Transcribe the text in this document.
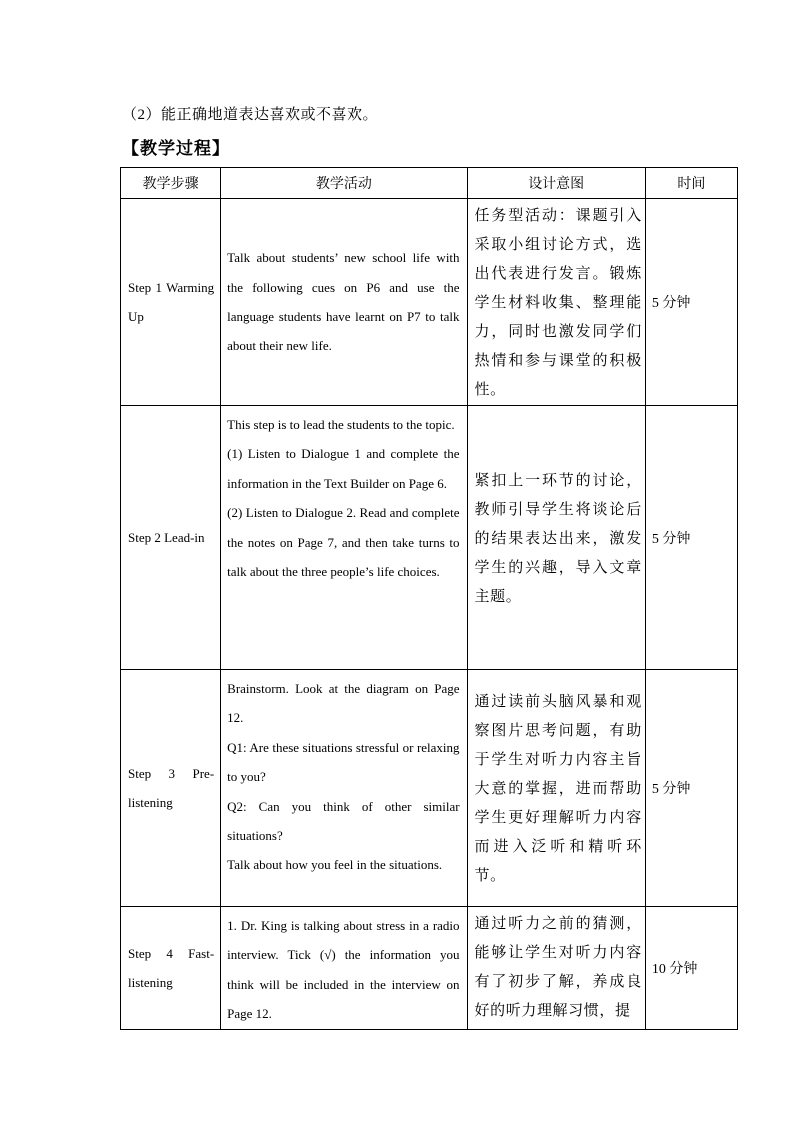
（2）能正确地道表达喜欢或不喜欢。
【教学过程】
教学步骤	教学活动	设计意图	时间
Step 1 Warming Up	Talk about students’ new school life with the following cues on P6 and use the language students have learnt on P7 to talk about their new life.	任务型活动：课题引入采取小组讨论方式，选出代表进行发言。锻炼学生材料收集、整理能力，同时也激发同学们热情和参与课堂的积极性。	5 分钟
Step 2 Lead-in	This step is to lead the students to the topic.
(1) Listen to Dialogue 1 and complete the information in the Text Builder on Page 6.
(2) Listen to Dialogue 2. Read and complete the notes on Page 7, and then take turns to talk about the three people’s life choices.	紧扣上一环节的讨论，教师引导学生将谈论后的结果表达出来，激发学生的兴趣，导入文章主题。	5 分钟
Step 3 Pre-listening	Brainstorm. Look at the diagram on Page 12.
Q1: Are these situations stressful or relaxing to you?
Q2: Can you think of other similar situations?
Talk about how you feel in the situations.	通过读前头脑风暴和观察图片思考问题，有助于学生对听力内容主旨大意的掌握，进而帮助学生更好理解听力内容而进入泛听和精听环节。	5 分钟
Step 4 Fast-listening	1. Dr. King is talking about stress in a radio interview. Tick (√) the information you think will be included in the interview on Page 12.	通过听力之前的猜测，能够让学生对听力内容有了初步了解，养成良好的听力理解习惯，提	10 分钟
